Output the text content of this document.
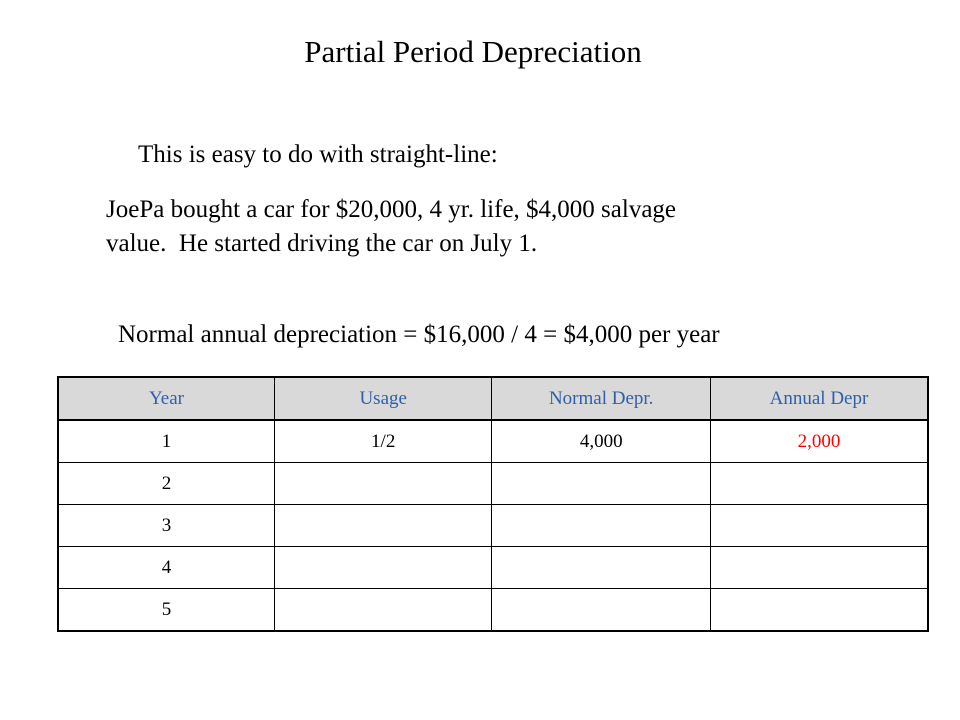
Partial Period Depreciation
This is easy to do with straight-line:
JoePa bought a car for $20,000, 4 yr. life, $4,000 salvage
value.  He started driving the car on July 1.
Normal annual depreciation = $16,000 / 4 = $4,000 per year
Year	Usage	Normal Depr.	Annual Depr
1	1/2	4,000	2,000
2			
3			
4			
5			
